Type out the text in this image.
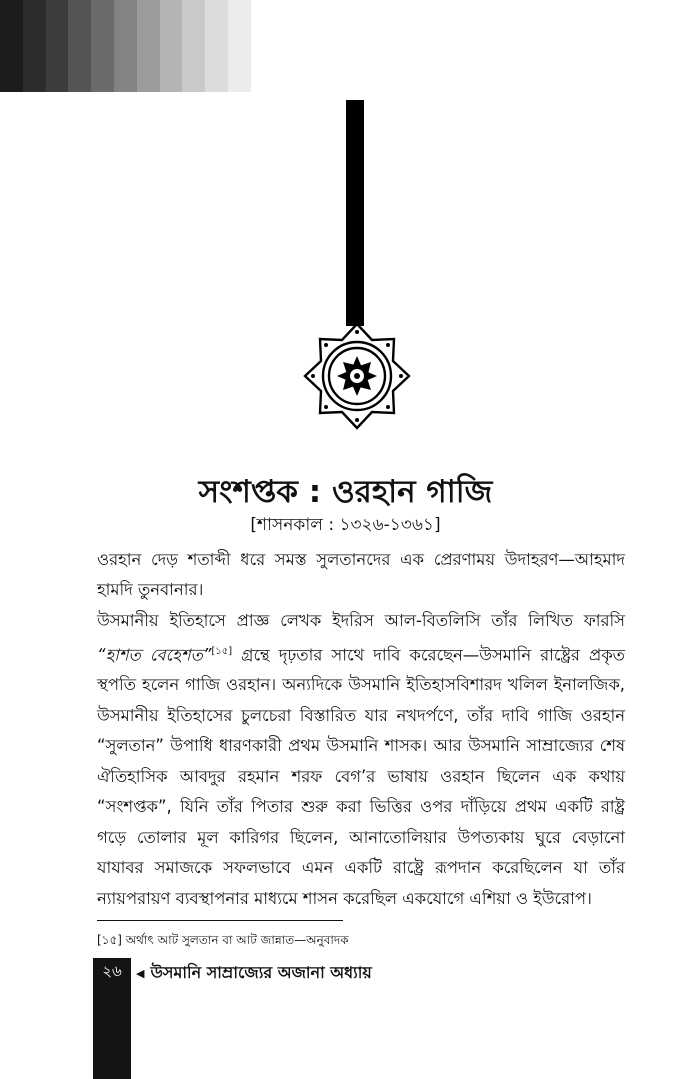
সংশপ্তক : ওরহান গাজি
[শাসনকাল : ১৩২৬-১৩৬১]

ওরহান দেড় শতাব্দী ধরে সমস্ত সুলতানদের এক প্রেরণাময় উদাহরণ—আহমাদ হামদি তুনবানার।

উসমানীয় ইতিহাসে প্রাজ্ঞ লেখক ইদরিস আল-বিতলিসি তাঁর লিখিত ফারসি “হাশত বেহেশত”[১৫] গ্রন্থে দৃঢ়তার সাথে দাবি করেছেন—উসমানি রাষ্ট্রের প্রকৃত স্থপতি হলেন গাজি ওরহান। অন্যদিকে উসমানি ইতিহাসবিশারদ খলিল ইনালজিক, উসমানীয় ইতিহাসের চুলচেরা বিস্তারিত যার নখদর্পণে, তাঁর দাবি গাজি ওরহান “সুলতান” উপাধি ধারণকারী প্রথম উসমানি শাসক। আর উসমানি সাম্রাজ্যের শেষ ঐতিহাসিক আবদুর রহমান শরফ বেগ’র ভাষায় ওরহান ছিলেন এক কথায় “সংশপ্তক”, যিনি তাঁর পিতার শুরু করা ভিত্তির ওপর দাঁড়িয়ে প্রথম একটি রাষ্ট্র গড়ে তোলার মূল কারিগর ছিলেন, আনাতোলিয়ার উপত্যকায় ঘুরে বেড়ানো যাযাবর সমাজকে সফলভাবে এমন একটি রাষ্ট্রে রূপদান করেছিলেন যা তাঁর ন্যায়পরায়ণ ব্যবস্থাপনার মাধ্যমে শাসন করেছিল একযোগে এশিয়া ও ইউরোপ।

[১৫] অর্থাৎ আট সুলতান বা আট জান্নাত—অনুবাদক
২৬	◀ উসমানি সাম্রাজ্যের অজানা অধ্যায়
